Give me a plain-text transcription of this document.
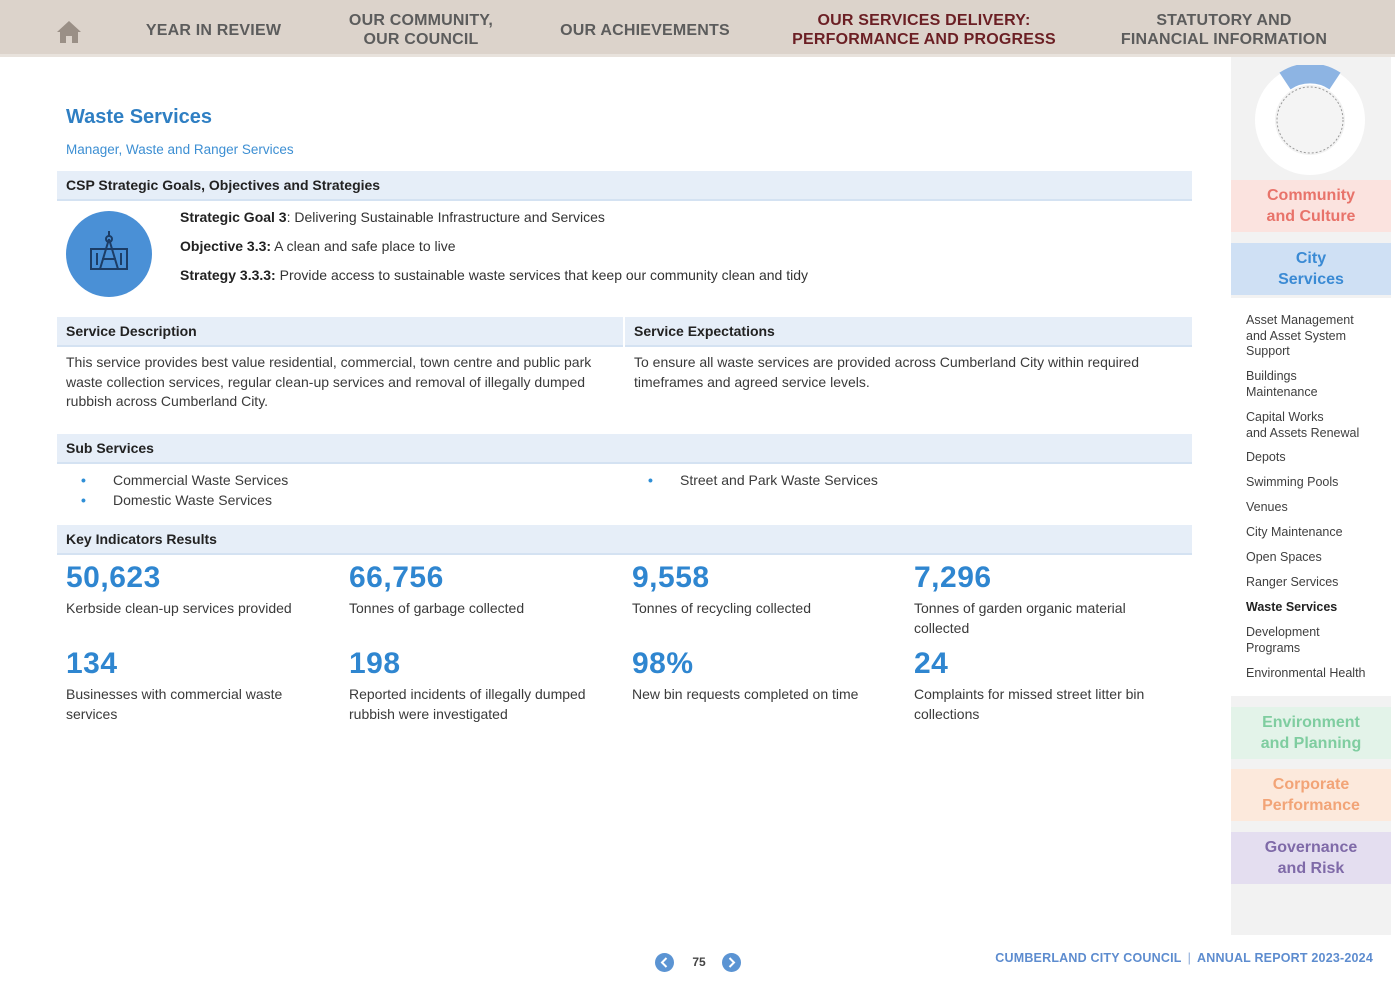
YEAR IN REVIEW
OUR COMMUNITY,
OUR COUNCIL
OUR ACHIEVEMENTS
OUR SERVICES DELIVERY:
PERFORMANCE AND PROGRESS
STATUTORY AND
FINANCIAL INFORMATION
Waste Services
Manager, Waste and Ranger Services
CSP Strategic Goals, Objectives and Strategies
Strategic Goal 3: Delivering Sustainable Infrastructure and Services
Objective 3.3: A clean and safe place to live
Strategy 3.3.3: Provide access to sustainable waste services that keep our community clean and tidy
Service Description	Service Expectations
This service provides best value residential, commercial, town centre and public park waste collection services, regular clean-up services and removal of illegally dumped rubbish across Cumberland City.
To ensure all waste services are provided across Cumberland City within required timeframes and agreed service levels.
Sub Services
• Commercial Waste Services
• Domestic Waste Services
• Street and Park Waste Services
Key Indicators Results
50,623
Kerbside clean-up services provided
66,756
Tonnes of garbage collected
9,558
Tonnes of recycling collected
7,296
Tonnes of garden organic material collected
134
Businesses with commercial waste services
198
Reported incidents of illegally dumped rubbish were investigated
98%
New bin requests completed on time
24
Complaints for missed street litter bin collections
Community
and Culture
City
Services
Asset Management
and Asset System
Support
Buildings
Maintenance
Capital Works
and Assets Renewal
Depots
Swimming Pools
Venues
City Maintenance
Open Spaces
Ranger Services
Waste Services
Development
Programs
Environmental Health
Environment
and Planning
Corporate
Performance
Governance
and Risk
75	CUMBERLAND CITY COUNCIL | ANNUAL REPORT 2023-2024
